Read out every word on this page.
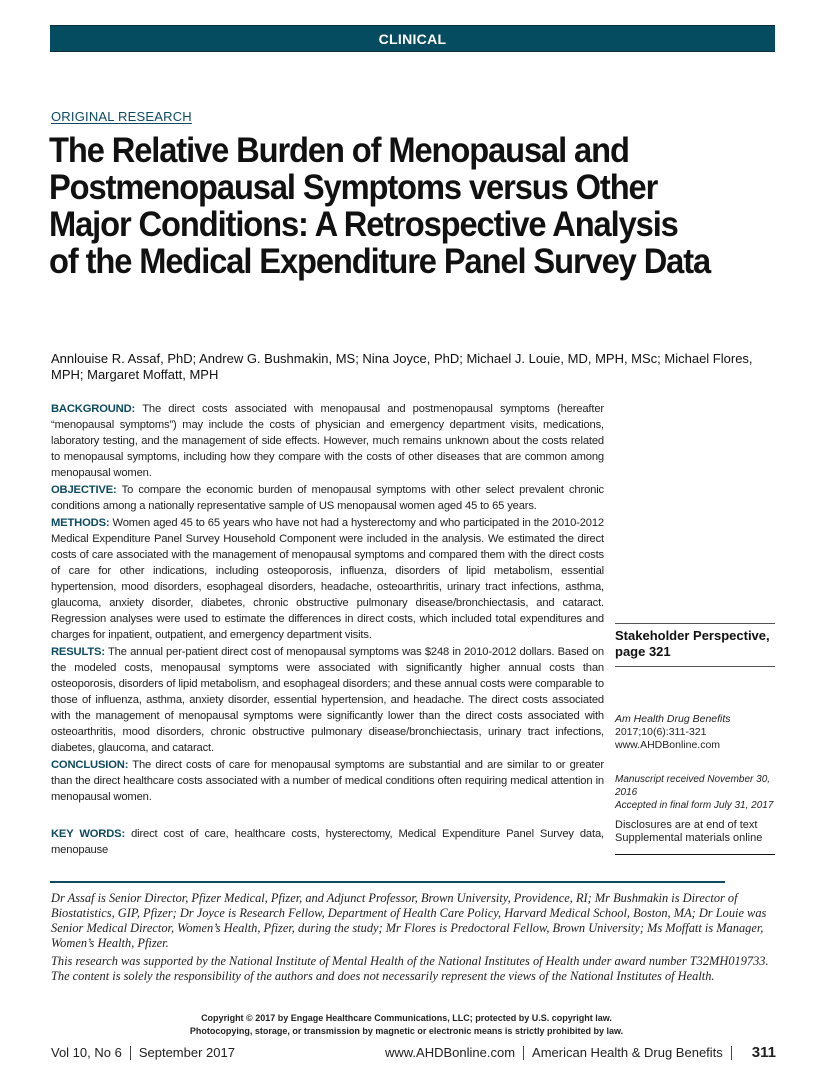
CLINICAL
ORIGINAL RESEARCH
The Relative Burden of Menopausal and Postmenopausal Symptoms versus Other Major Conditions: A Retrospective Analysis of the Medical Expenditure Panel Survey Data
Annlouise R. Assaf, PhD; Andrew G. Bushmakin, MS; Nina Joyce, PhD; Michael J. Louie, MD, MPH, MSc; Michael Flores, MPH; Margaret Moffatt, MPH

BACKGROUND: The direct costs associated with menopausal and postmenopausal symptoms (hereafter “menopausal symptoms”) may include the costs of physician and emergency department visits, medications, laboratory testing, and the management of side effects. However, much remains unknown about the costs related to menopausal symptoms, including how they compare with the costs of other diseases that are common among menopausal women.

OBJECTIVE: To compare the economic burden of menopausal symptoms with other select prevalent chronic conditions among a nationally representative sample of US menopausal women aged 45 to 65 years.

METHODS: Women aged 45 to 65 years who have not had a hysterectomy and who participated in the 2010-2012 Medical Expenditure Panel Survey Household Component were included in the analysis. We estimated the direct costs of care associated with the management of menopausal symptoms and compared them with the direct costs of care for other indications, including osteoporosis, influenza, disorders of lipid metabolism, essential hypertension, mood disorders, esophageal disorders, headache, osteoarthritis, urinary tract infections, asthma, glaucoma, anxiety disorder, diabetes, chronic obstructive pulmonary disease/bronchiectasis, and cataract. Regression analyses were used to estimate the differences in direct costs, which included total expenditures and charges for inpatient, outpatient, and emergency department visits.

RESULTS: The annual per-patient direct cost of menopausal symptoms was $248 in 2010-2012 dollars. Based on the modeled costs, menopausal symptoms were associated with significantly higher annual costs than osteoporosis, disorders of lipid metabolism, and esophageal disorders; and these annual costs were comparable to those of influenza, asthma, anxiety disorder, essential hypertension, and headache. The direct costs associated with the management of menopausal symptoms were significantly lower than the direct costs associated with osteoarthritis, mood disorders, chronic obstructive pulmonary disease/bronchiectasis, urinary tract infections, diabetes, glaucoma, and cataract.

CONCLUSION: The direct costs of care for menopausal symptoms are substantial and are similar to or greater than the direct healthcare costs associated with a number of medical conditions often requiring medical attention in menopausal women.

KEY WORDS: direct cost of care, healthcare costs, hysterectomy, Medical Expenditure Panel Survey data, menopause
Stakeholder Perspective, page 321
Am Health Drug Benefits
2017;10(6):311-321
www.AHDBonline.com
Manuscript received November 30, 2016
Accepted in final form July 31, 2017
Disclosures are at end of text
Supplemental materials online

Dr Assaf is Senior Director, Pfizer Medical, Pfizer, and Adjunct Professor, Brown University, Providence, RI; Mr Bushmakin is Director of Biostatistics, GIP, Pfizer; Dr Joyce is Research Fellow, Department of Health Care Policy, Harvard Medical School, Boston, MA; Dr Louie was Senior Medical Director, Women’s Health, Pfizer, during the study; Mr Flores is Predoctoral Fellow, Brown University; Ms Moffatt is Manager, Women’s Health, Pfizer.

This research was supported by the National Institute of Mental Health of the National Institutes of Health under award number T32MH019733. The content is solely the responsibility of the authors and does not necessarily represent the views of the National Institutes of Health.

Copyright © 2017 by Engage Healthcare Communications, LLC; protected by U.S. copyright law.
Photocopying, storage, or transmission by magnetic or electronic means is strictly prohibited by law.
Vol 10, No 6 September 2017	www.AHDBonline.com American Health & Drug Benefits 311
